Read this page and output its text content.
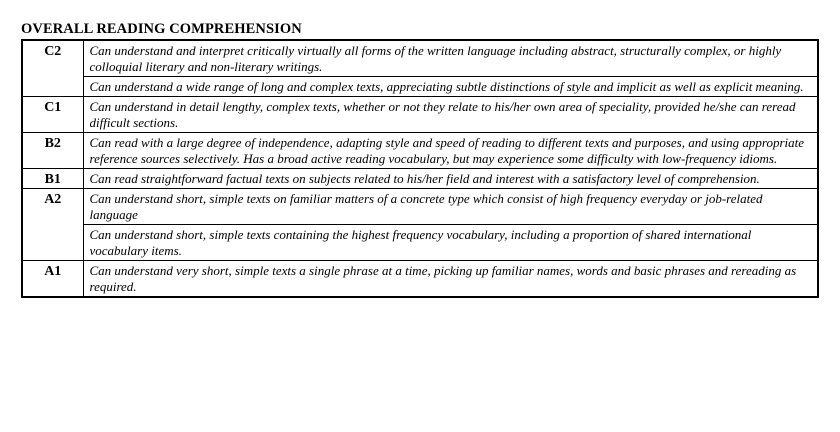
OVERALL READING COMPREHENSION
C2	Can understand and interpret critically virtually all forms of the written language including abstract, structurally complex, or highly colloquial literary and non-literary writings.
	Can understand a wide range of long and complex texts, appreciating subtle distinctions of style and implicit as well as explicit meaning.
C1	Can understand in detail lengthy, complex texts, whether or not they relate to his/her own area of speciality, provided he/she can reread difficult sections.
B2	Can read with a large degree of independence, adapting style and speed of reading to different texts and purposes, and using appropriate reference sources selectively. Has a broad active reading vocabulary, but may experience some difficulty with low-frequency idioms.
B1	Can read straightforward factual texts on subjects related to his/her field and interest with a satisfactory level of comprehension.
A2	Can understand short, simple texts on familiar matters of a concrete type which consist of high frequency everyday or job-related language
	Can understand short, simple texts containing the highest frequency vocabulary, including a proportion of shared international vocabulary items.
A1	Can understand very short, simple texts a single phrase at a time, picking up familiar names, words and basic phrases and rereading as required.
